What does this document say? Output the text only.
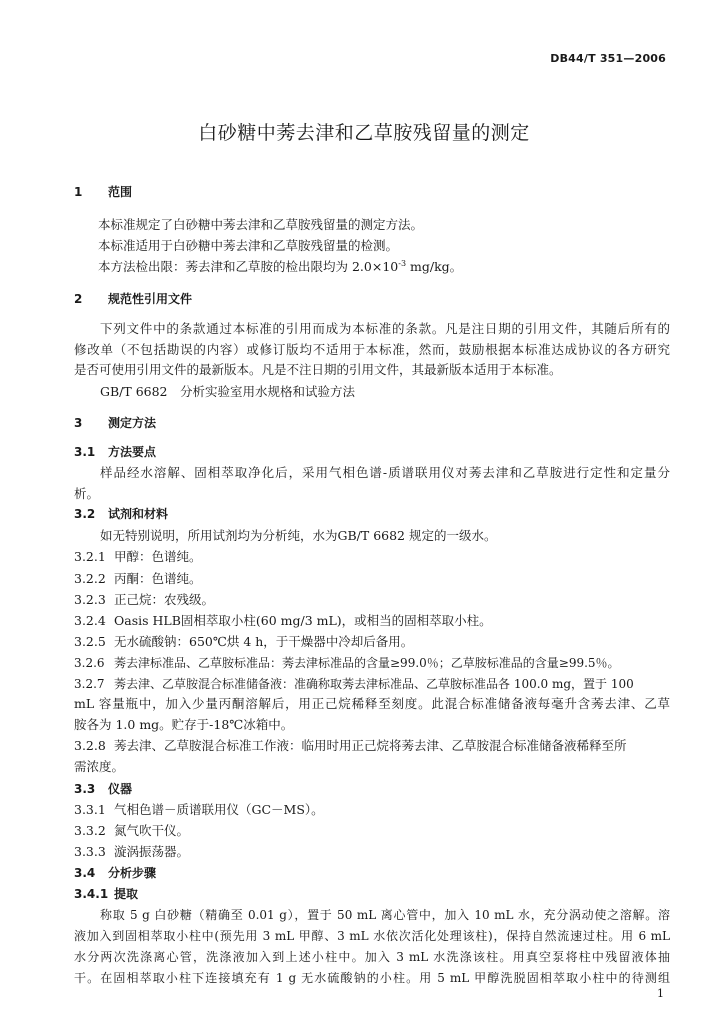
DB44/T 351—2006
白砂糖中莠去津和乙草胺残留量的测定
1 范围
本标准规定了白砂糖中莠去津和乙草胺残留量的测定方法。
本标准适用于白砂糖中莠去津和乙草胺残留量的检测。
本方法检出限：莠去津和乙草胺的检出限均为 $2.0\times 10^{-3}$ mg/kg。
2 规范性引用文件
下列文件中的条款通过本标准的引用而成为本标准的条款。凡是注日期的引用文件，其随后所有的
修改单（不包括勘误的内容）或修订版均不适用于本标准，然而，鼓励根据本标准达成协议的各方研究
是否可使用引用文件的最新版本。凡是不注日期的引用文件，其最新版本适用于本标准。
GB/T 6682　分析实验室用水规格和试验方法
3 测定方法
3.1 方法要点
样品经水溶解、固相萃取净化后，采用气相色谱-质谱联用仪对莠去津和乙草胺进行定性和定量分
析。
3.2 试剂和材料
如无特别说明，所用试剂均为分析纯，水为GB/T 6682 规定的一级水。
3.2.1 甲醇：色谱纯。
3.2.2 丙酮：色谱纯。
3.2.3 正己烷：农残级。
3.2.4 Oasis HLB固相萃取小柱(60 mg/3 mL)，或相当的固相萃取小柱。
3.2.5 无水硫酸钠：650℃烘 4 h，于干燥器中冷却后备用。
3.2.6 莠去津标准品、乙草胺标准品：莠去津标准品的含量≥99.0％；乙草胺标准品的含量≥99.5％。
3.2.7 莠去津、乙草胺混合标准储备液：准确称取莠去津标准品、乙草胺标准品各 100.0 mg，置于 100
mL 容量瓶中，加入少量丙酮溶解后，用正己烷稀释至刻度。此混合标准储备液每毫升含莠去津、乙草
胺各为 1.0 mg。贮存于-18℃冰箱中。
3.2.8 莠去津、乙草胺混合标准工作液：临用时用正己烷将莠去津、乙草胺混合标准储备液稀释至所
需浓度。
3.3 仪器
3.3.1 气相色谱－质谱联用仪（GC－MS）。
3.3.2 氮气吹干仪。
3.3.3 漩涡振荡器。
3.4 分析步骤
3.4.1 提取
称取 5 g 白砂糖（精确至 0.01 g），置于 50 mL 离心管中，加入 10 mL 水，充分涡动使之溶解。溶
液加入到固相萃取小柱中(预先用 3 mL 甲醇、3 mL 水依次活化处理该柱)，保持自然流速过柱。用 6 mL
水分两次洗涤离心管，洗涤液加入到上述小柱中。加入 3 mL 水洗涤该柱。用真空泵将柱中残留液体抽
干。在固相萃取小柱下连接填充有 1 g 无水硫酸钠的小柱。用 5 mL 甲醇洗脱固相萃取小柱中的待测组
1
